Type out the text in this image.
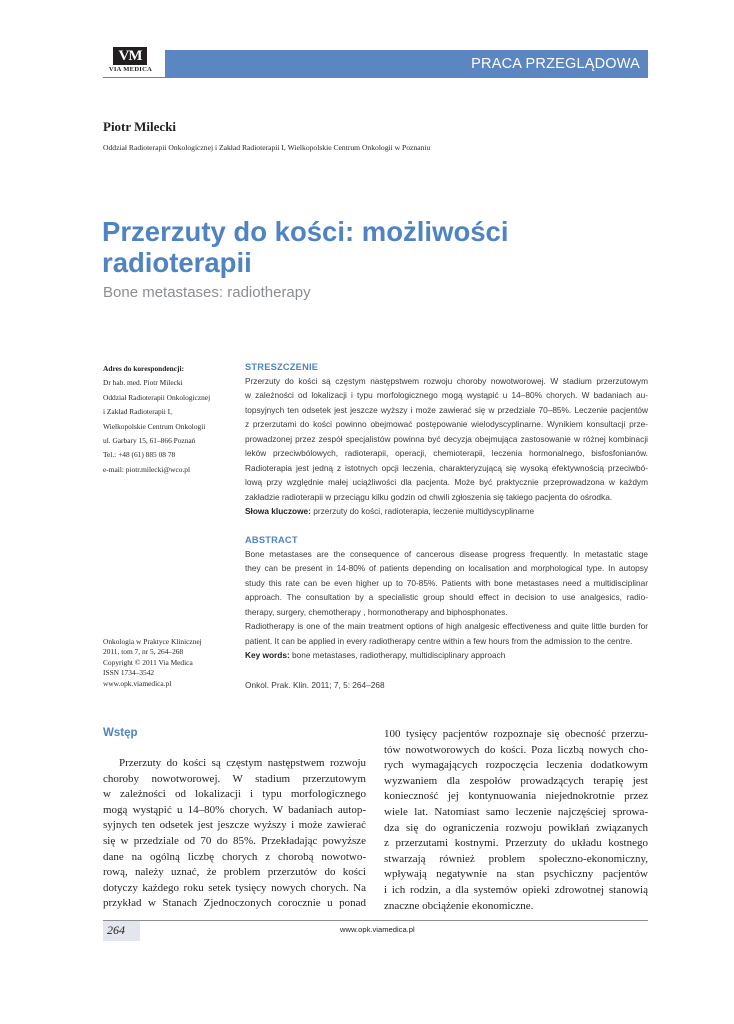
VM
VIA MEDICA	PRACA PRZEGLĄDOWA
Piotr Milecki
Oddział Radioterapii Onkologicznej i Zakład Radioterapii I, Wielkopolskie Centrum Onkologii w Poznaniu
Przerzuty do kości: możliwości radioterapii
Bone metastases: radiotherapy
Adres do korespondencji:
Dr hab. med. Piotr Milecki
Oddział Radioterapii Onkologicznej
i Zakład Radioterapii I,
Wielkopolskie Centrum Onkologii
ul. Garbary 15, 61–866 Poznań
Tel.: +48 (61) 885 08 78
e-mail: piotr.milecki@wco.pl
Onkologia w Praktyce Klinicznej
2011, tom 7, nr 5, 264–268
Copyright © 2011 Via Medica
ISSN 1734–3542
www.opk.viamedica.pl
STRESZCZENIE
Przerzuty do kości są częstym następstwem rozwoju choroby nowotworowej. W stadium przerzutowym
w zależności od lokalizacji i typu morfologicznego mogą wystąpić u 14–80% chorych. W badaniach au-
topsyjnych ten odsetek jest jeszcze wyższy i może zawierać się w przedziale 70–85%. Leczenie pacjentów
z przerzutami do kości powinno obejmować postępowanie wielodyscyplinarne. Wynikiem konsultacji prze-
prowadzonej przez zespół specjalistów powinna być decyzja obejmująca zastosowanie w różnej kombinacji
leków przeciwbólowych, radioterapii, operacji, chemioterapii, leczenia hormonalnego, bisfosfonianów.
Radioterapia jest jedną z istotnych opcji leczenia, charakteryzującą się wysoką efektywnością przeciwbó-
lową przy względnie małej uciążliwości dla pacjenta. Może być praktycznie przeprowadzona w każdym
zakładzie radioterapii w przeciągu kilku godzin od chwili zgłoszenia się takiego pacjenta do ośrodka.
Słowa kluczowe: przerzuty do kości, radioterapia, leczenie multidyscyplinarne
ABSTRACT
Bone metastases are the consequence of cancerous disease progress frequently. In metastatic stage
they can be present in 14-80% of patients depending on localisation and morphological type. In autopsy
study this rate can be even higher up to 70-85%. Patients with bone metastases need a multidisciplinar
approach. The consultation by a specialistic group should effect in decision to use analgesics, radio-
therapy, surgery, chemotherapy , hormonotherapy and biphosphonates.
Radiotherapy is one of the main treatment options of high analgesic effectiveness and quite little burden for
patient. It can be applied in every radiotherapy centre within a few hours from the admission to the centre.
Key words: bone metastases, radiotherapy, multidisciplinary approach
Onkol. Prak. Klin. 2011; 7, 5: 264–268
Wstęp
Przerzuty do kości są częstym następstwem rozwoju
choroby nowotworowej. W stadium przerzutowym
w zależności od lokalizacji i typu morfologicznego
mogą wystąpić u 14–80% chorych. W badaniach autop-
syjnych ten odsetek jest jeszcze wyższy i może zawierać
się w przedziale od 70 do 85%. Przekładając powyższe
dane na ogólną liczbę chorych z chorobą nowotwo-
rową, należy uznać, że problem przerzutów do kości
dotyczy każdego roku setek tysięcy nowych chorych. Na
przykład w Stanach Zjednoczonych corocznie u ponad
100 tysięcy pacjentów rozpoznaje się obecność przerzu-
tów nowotworowych do kości. Poza liczbą nowych cho-
rych wymagających rozpoczęcia leczenia dodatkowym
wyzwaniem dla zespołów prowadzących terapię jest
konieczność jej kontynuowania niejednokrotnie przez
wiele lat. Natomiast samo leczenie najczęściej sprowa-
dza się do ograniczenia rozwoju powikłań związanych
z przerzutami kostnymi. Przerzuty do układu kostnego
stwarzają również problem społeczno-ekonomiczny,
wpływają negatywnie na stan psychiczny pacjentów
i ich rodzin, a dla systemów opieki zdrowotnej stanowią
znaczne obciążenie ekonomiczne.
264	www.opk.viamedica.pl
